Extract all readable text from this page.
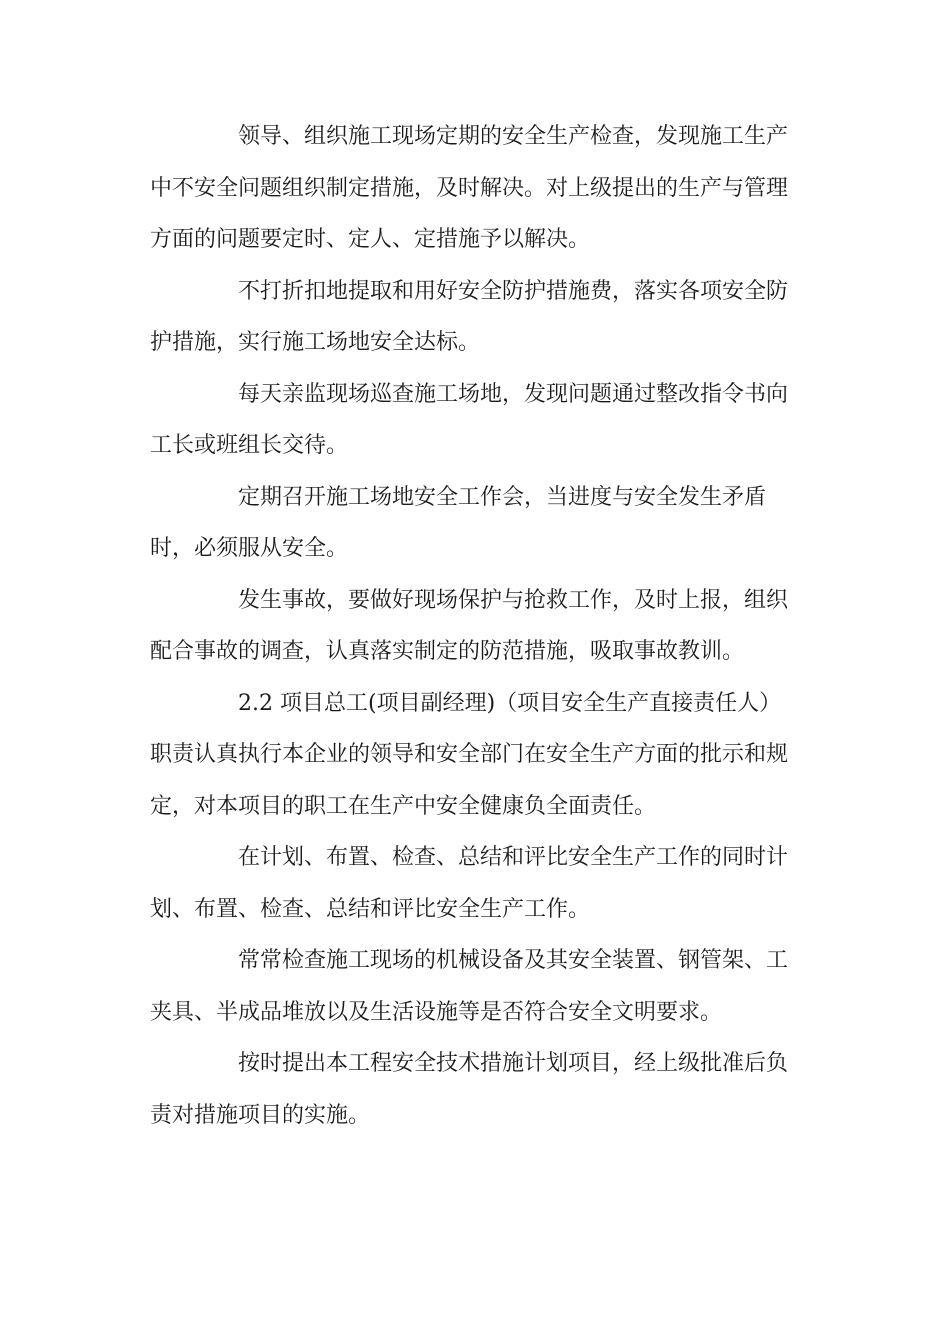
领导、组织施工现场定期的安全生产检查，发现施工生产
中不安全问题组织制定措施，及时解决。对上级提出的生产与管理
方面的问题要定时、定人、定措施予以解决。
不打折扣地提取和用好安全防护措施费，落实各项安全防
护措施，实行施工场地安全达标。
每天亲监现场巡查施工场地，发现问题通过整改指令书向
工长或班组长交待。
定期召开施工场地安全工作会，当进度与安全发生矛盾
时，必须服从安全。
发生事故，要做好现场保护与抢救工作，及时上报，组织
配合事故的调查，认真落实制定的防范措施，吸取事故教训。
2.2 项目总工(项目副经理)（项目安全生产直接责任人）
职责认真执行本企业的领导和安全部门在安全生产方面的批示和规
定，对本项目的职工在生产中安全健康负全面责任。
在计划、布置、检查、总结和评比安全生产工作的同时计
划、布置、检查、总结和评比安全生产工作。
常常检查施工现场的机械设备及其安全装置、钢管架、工
夹具、半成品堆放以及生活设施等是否符合安全文明要求。
按时提出本工程安全技术措施计划项目，经上级批准后负
责对措施项目的实施。
